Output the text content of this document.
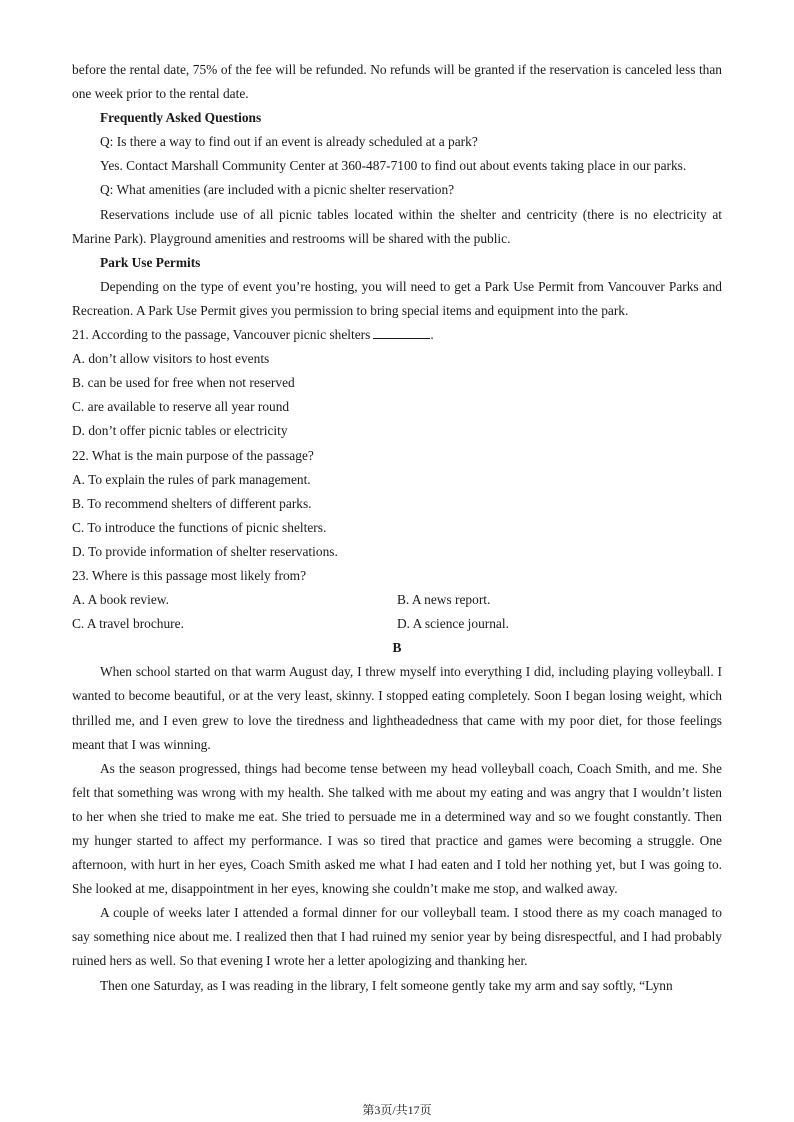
before the rental date, 75% of the fee will be refunded. No refunds will be granted if the reservation is canceled less than one week prior to the rental date.

Frequently Asked Questions
Q: Is there a way to find out if an event is already scheduled at a park?
Yes. Contact Marshall Community Center at 360-487-7100 to find out about events taking place in our parks.
Q: What amenities (are included with a picnic shelter reservation?

Reservations include use of all picnic tables located within the shelter and centricity (there is no electricity at Marine Park). Playground amenities and restrooms will be shared with the public.

Park Use Permits

Depending on the type of event you’re hosting, you will need to get a Park Use Permit from Vancouver Parks and Recreation. A Park Use Permit gives you permission to bring special items and equipment into the park.

21. According to the passage, Vancouver picnic shelters	.
A. don’t allow visitors to host events
B. can be used for free when not reserved
C. are available to reserve all year round
D. don’t offer picnic tables or electricity
22. What is the main purpose of the passage?
A. To explain the rules of park management.
B. To recommend shelters of different parks.
C. To introduce the functions of picnic shelters.
D. To provide information of shelter reservations.
23. Where is this passage most likely from?
A. A book review.	B. A news report.
C. A travel brochure.	D. A science journal.
B

When school started on that warm August day, I threw myself into everything I did, including playing volleyball. I wanted to become beautiful, or at the very least, skinny. I stopped eating completely. Soon I began losing weight, which thrilled me, and I even grew to love the tiredness and lightheadedness that came with my poor diet, for those feelings meant that I was winning.

As the season progressed, things had become tense between my head volleyball coach, Coach Smith, and me. She felt that something was wrong with my health. She talked with me about my eating and was angry that I wouldn’t listen to her when she tried to make me eat. She tried to persuade me in a determined way and so we fought constantly. Then my hunger started to affect my performance. I was so tired that practice and games were becoming a struggle. One afternoon, with hurt in her eyes, Coach Smith asked me what I had eaten and I told her nothing yet, but I was going to. She looked at me, disappointment in her eyes, knowing she couldn’t make me stop, and walked away.

A couple of weeks later I attended a formal dinner for our volleyball team. I stood there as my coach managed to say something nice about me. I realized then that I had ruined my senior year by being disrespectful, and I had probably ruined hers as well. So that evening I wrote her a letter apologizing and thanking her.

Then one Saturday, as I was reading in the library, I felt someone gently take my arm and say softly, “Lynn

第3页/共17页
